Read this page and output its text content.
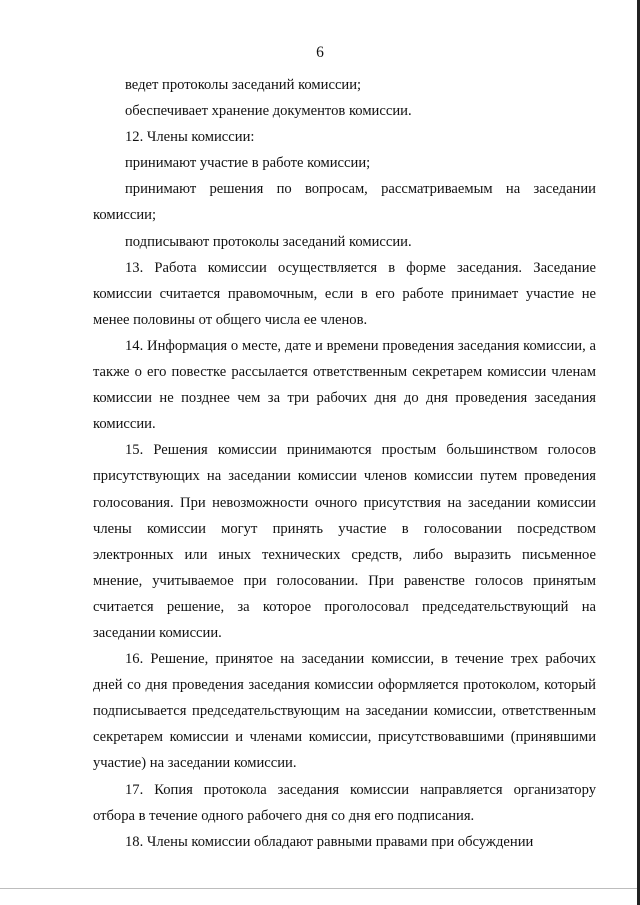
6

ведет протоколы заседаний комиссии;

обеспечивает хранение документов комиссии.

12. Члены комиссии:

принимают участие в работе комиссии;

принимают решения по вопросам, рассматриваемым на заседании комиссии;

подписывают протоколы заседаний комиссии.

13. Работа комиссии осуществляется в форме заседания. Заседание комиссии считается правомочным, если в его работе принимает участие не менее половины от общего числа ее членов.

14. Информация о месте, дате и времени проведения заседания комиссии, а также о его повестке рассылается ответственным секретарем комиссии членам комиссии не позднее чем за три рабочих дня до дня проведения заседания комиссии.

15. Решения комиссии принимаются простым большинством голосов присутствующих на заседании комиссии членов комиссии путем проведения голосования. При невозможности очного присутствия на заседании комиссии члены комиссии могут принять участие в голосовании посредством электронных или иных технических средств, либо выразить письменное мнение, учитываемое при голосовании. При равенстве голосов принятым считается решение, за которое проголосовал председательствующий на заседании комиссии.

16. Решение, принятое на заседании комиссии, в течение трех рабочих дней со дня проведения заседания комиссии оформляется протоколом, который подписывается председательствующим на заседании комиссии, ответственным секретарем комиссии и членами комиссии, присутствовавшими (принявшими участие) на заседании комиссии.

17. Копия протокола заседания комиссии направляется организатору отбора в течение одного рабочего дня со дня его подписания.

18. Члены комиссии обладают равными правами при обсуждении
